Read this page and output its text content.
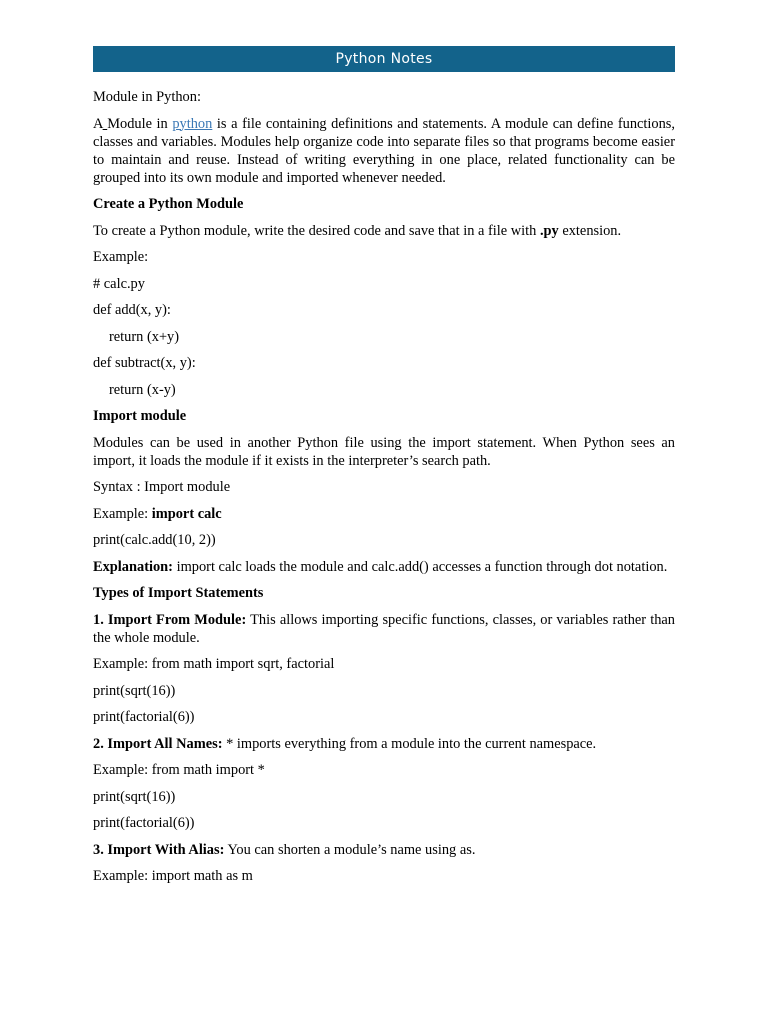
Python Notes

Module in Python:

A Module in python is a file containing definitions and statements. A module can define functions, classes and variables. Modules help organize code into separate files so that programs become easier to maintain and reuse. Instead of writing everything in one place, related functionality can be grouped into its own module and imported whenever needed.

Create a Python Module

To create a Python module, write the desired code and save that in a file with .py extension.

Example:

# calc.py

def add(x, y):

return (x+y)

def subtract(x, y):

return (x-y)

Import module

Modules can be used in another Python file using the import statement. When Python sees an import, it loads the module if it exists in the interpreter’s search path.

Syntax : Import module

Example: import calc

print(calc.add(10, 2))

Explanation: import calc loads the module and calc.add() accesses a function through dot notation.

Types of Import Statements

1. Import From Module: This allows importing specific functions, classes, or variables rather than the whole module.

Example: from math import sqrt, factorial

print(sqrt(16))

print(factorial(6))

2. Import All Names: * imports everything from a module into the current namespace.

Example: from math import *

print(sqrt(16))

print(factorial(6))

3. Import With Alias: You can shorten a module’s name using as.

Example: import math as m
